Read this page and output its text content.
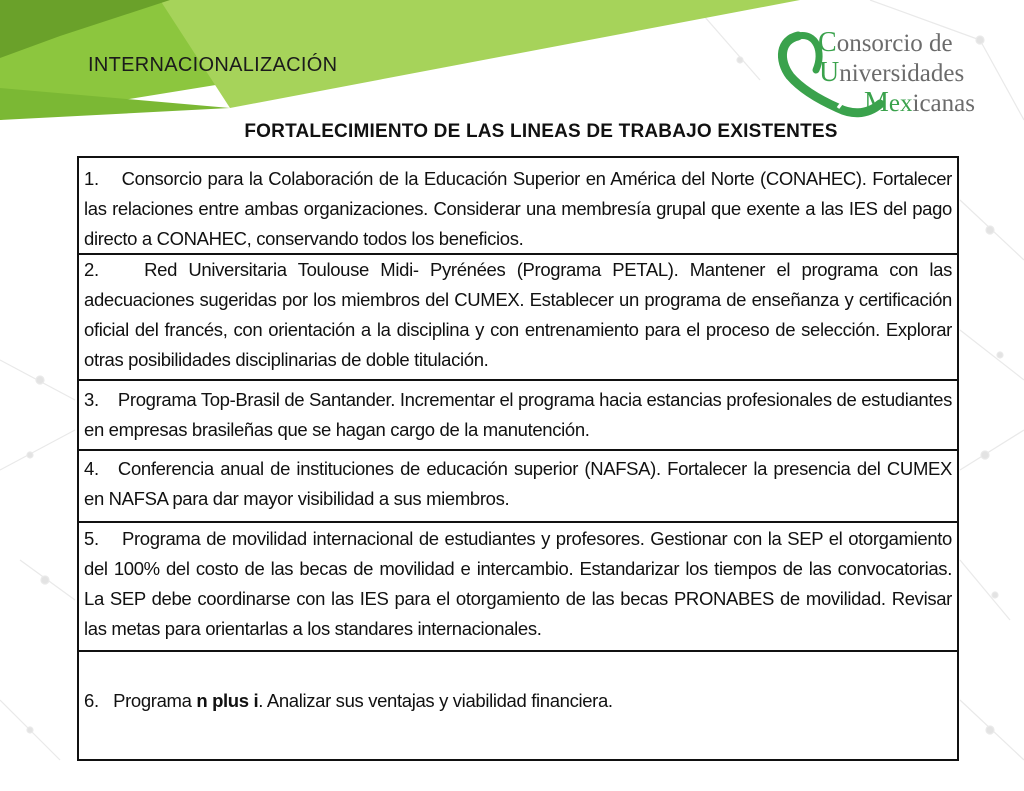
INTERNACIONALIZACIÓN
Consorcio de
Universidades
Mexicanas
FORTALECIMIENTO DE LAS LINEAS DE TRABAJO EXISTENTES
1.    Consorcio para la Colaboración de la Educación Superior en América del Norte (CONAHEC). Fortalecer las relaciones entre ambas organizaciones. Considerar una membresía grupal que exente a las IES del pago directo a CONAHEC, conservando todos los beneficios.
2.    Red Universitaria Toulouse Midi- Pyrénées (Programa PETAL). Mantener el programa con las adecuaciones sugeridas por los miembros del CUMEX. Establecer un programa de enseñanza y certificación oficial del francés, con orientación a la disciplina y con entrenamiento para el proceso de selección. Explorar otras posibilidades disciplinarias de doble titulación.
3.    Programa Top-Brasil de Santander. Incrementar el programa hacia estancias profesionales de estudiantes en empresas brasileñas que se hagan cargo de la manutención.
4.   Conferencia anual de instituciones de educación superior (NAFSA). Fortalecer la presencia del CUMEX en NAFSA para dar mayor visibilidad a sus miembros.
5.    Programa de movilidad internacional de estudiantes y profesores. Gestionar con la SEP el otorgamiento del 100% del costo de las becas de movilidad e intercambio. Estandarizar los tiempos de las convocatorias. La SEP debe coordinarse con las IES para el otorgamiento de las becas PRONABES de movilidad. Revisar las metas para orientarlas a los standares internacionales.
6.   Programa n plus i. Analizar sus ventajas y viabilidad financiera.
